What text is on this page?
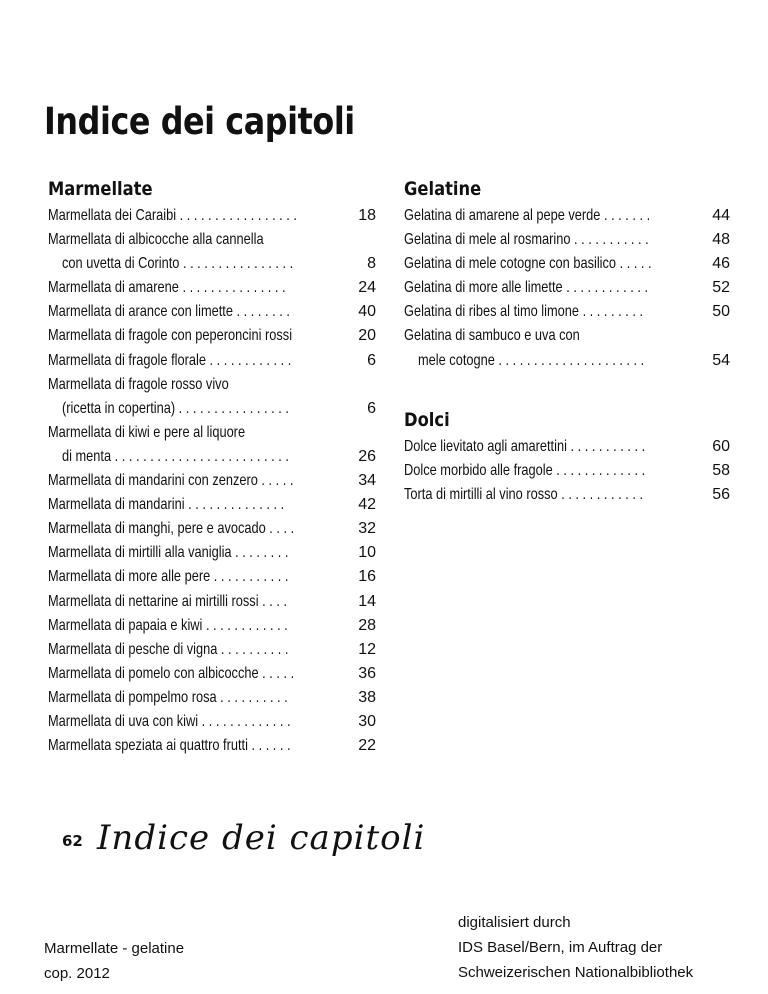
Indice dei capitoli
Marmellate
Marmellata dei Caraibi . . . . . . . . . . . . . . . . .	18
Marmellata di albicocche alla cannella
con uvetta di Corinto . . . . . . . . . . . . . . . .	8
Marmellata di amarene . . . . . . . . . . . . . . .	24
Marmellata di arance con limette . . . . . . . .	40
Marmellata di fragole con peperoncini rossi	20
Marmellata di fragole florale . . . . . . . . . . . .	6
Marmellata di fragole rosso vivo
(ricetta in copertina) . . . . . . . . . . . . . . . .	6
Marmellata di kiwi e pere al liquore
di menta . . . . . . . . . . . . . . . . . . . . . . . . .	26
Marmellata di mandarini con zenzero . . . . .	34
Marmellata di mandarini . . . . . . . . . . . . . .	42
Marmellata di manghi, pere e avocado . . . .	32
Marmellata di mirtilli alla vaniglia . . . . . . . .	10
Marmellata di more alle pere . . . . . . . . . . .	16
Marmellata di nettarine ai mirtilli rossi . . . .	14
Marmellata di papaia e kiwi . . . . . . . . . . . .	28
Marmellata di pesche di vigna . . . . . . . . . .	12
Marmellata di pomelo con albicocche . . . . .	36
Marmellata di pompelmo rosa . . . . . . . . . .	38
Marmellata di uva con kiwi . . . . . . . . . . . . .	30
Marmellata speziata ai quattro frutti . . . . . .	22
Gelatine
Gelatina di amarene al pepe verde . . . . . . .	44
Gelatina di mele al rosmarino . . . . . . . . . . .	48
Gelatina di mele cotogne con basilico . . . . .	46
Gelatina di more alle limette . . . . . . . . . . . .	52
Gelatina di ribes al timo limone . . . . . . . . .	50
Gelatina di sambuco e uva con
mele cotogne . . . . . . . . . . . . . . . . . . . . .	54
Dolci
Dolce lievitato agli amarettini . . . . . . . . . . .	60
Dolce morbido alle fragole . . . . . . . . . . . . .	58
Torta di mirtilli al vino rosso . . . . . . . . . . . .	56
62 Indice dei capitoli
Marmellate - gelatine
cop. 2012
digitalisiert durch
IDS Basel/Bern, im Auftrag der
Schweizerischen Nationalbibliothek
